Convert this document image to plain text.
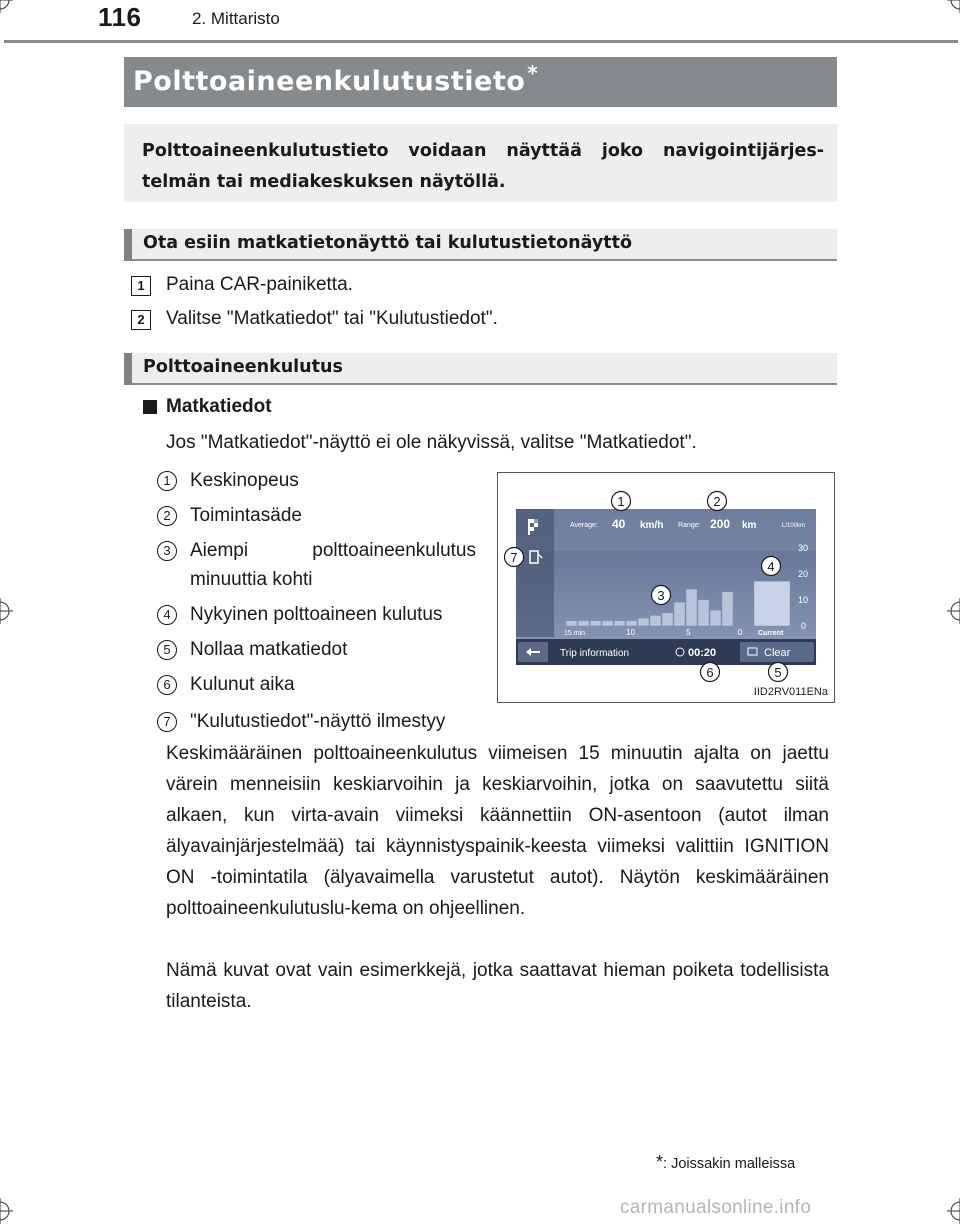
116	2. Mittaristo
Polttoaineenkulutustieto *
Polttoaineenkulutustieto voidaan näyttää joko navigointijärjes-telmän tai mediakeskuksen näytöllä.
Ota esiin matkatietonäyttö tai kulutustietonäyttö
1	Paina CAR-painiketta.
2	Valitse "Matkatiedot" tai "Kulutustiedot".
Polttoaineenkulutus
Matkatiedot
Jos "Matkatiedot"-näyttö ei ole näkyvissä, valitse "Matkatiedot".
1	Keskinopeus
2	Toimintasäde
3	Aiempi polttoaineenkulutus
minuuttia kohti
4	Nykyinen polttoaineen kulutus
5	Nollaa matkatiedot
6	Kulunut aika
7	"Kulutustiedot"-näyttö ilmestyy
Average: 40 km/h Range: 200 km	L/100km
30
20
10
0
15 min	10	5	0 Current
Trip information	00:20	Clear
1	2
3
4
5
6
7
IID2RV011ENa
Keskimääräinen polttoaineenkulutus viimeisen 15 minuutin ajalta on jaettu värein menneisiin keskiarvoihin ja keskiarvoihin, jotka on saavutettu siitä alkaen, kun virta-avain viimeksi käännettiin ON-asentoon (autot ilman älyavainjärjestelmää) tai käynnistyspainik-keesta viimeksi valittiin IGNITION ON -toimintatila (älyavaimella varustetut autot). Näytön keskimääräinen polttoaineenkulutuslu-kema on ohjeellinen.
Nämä kuvat ovat vain esimerkkejä, jotka saattavat hieman poiketa todellisista tilanteista.
*: Joissakin malleissa
carmanualsonline.info
